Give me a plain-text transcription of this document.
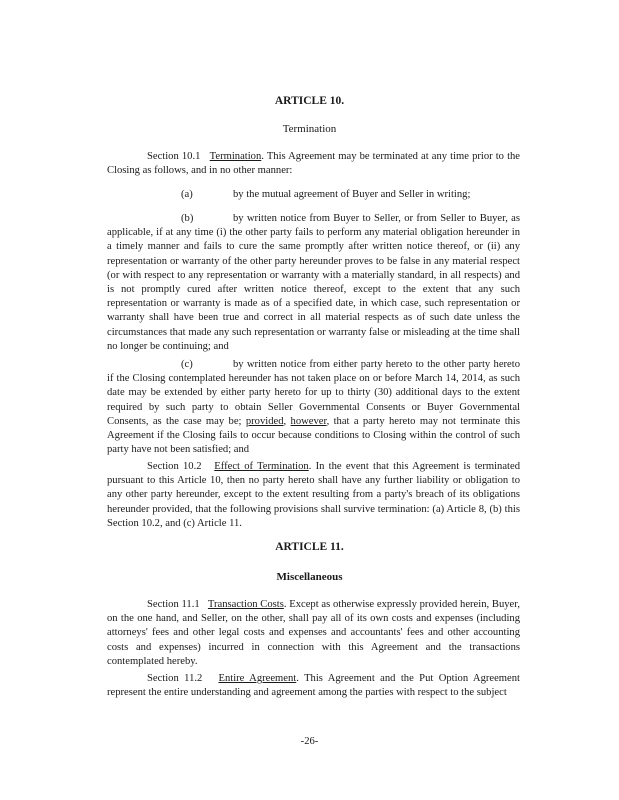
ARTICLE 10.
Termination
Section 10.1 Termination. This Agreement may be terminated at any time prior to the Closing as follows, and in no other manner:
(a)	by the mutual agreement of Buyer and Seller in writing;
(b)	by written notice from Buyer to Seller, or from Seller to Buyer, as applicable, if at any time (i) the other party fails to perform any material obligation hereunder in a timely manner and fails to cure the same promptly after written notice thereof, or (ii) any representation or warranty of the other party hereunder proves to be false in any material respect (or with respect to any representation or warranty with a materially standard, in all respects) and is not promptly cured after written notice thereof, except to the extent that any such representation or warranty is made as of a specified date, in which case, such representation or warranty shall have been true and correct in all material respects as of such date unless the circumstances that made any such representation or warranty false or misleading at the time shall no longer be continuing; and
(c)	by written notice from either party hereto to the other party hereto if the Closing contemplated hereunder has not taken place on or before March 14, 2014, as such date may be extended by either party hereto for up to thirty (30) additional days to the extent required by such party to obtain Seller Governmental Consents or Buyer Governmental Consents, as the case may be; provided, however, that a party hereto may not terminate this Agreement if the Closing fails to occur because conditions to Closing within the control of such party have not been satisfied; and
Section 10.2 Effect of Termination. In the event that this Agreement is terminated pursuant to this Article 10, then no party hereto shall have any further liability or obligation to any other party hereunder, except to the extent resulting from a party's breach of its obligations hereunder provided, that the following provisions shall survive termination: (a) Article 8, (b) this Section 10.2, and (c) Article 11.
ARTICLE 11.
Miscellaneous
Section 11.1 Transaction Costs. Except as otherwise expressly provided herein, Buyer, on the one hand, and Seller, on the other, shall pay all of its own costs and expenses (including attorneys' fees and other legal costs and expenses and accountants' fees and other accounting costs and expenses) incurred in connection with this Agreement and the transactions contemplated hereby.
Section 11.2 Entire Agreement. This Agreement and the Put Option Agreement represent the entire understanding and agreement among the parties with respect to the subject
-26-
